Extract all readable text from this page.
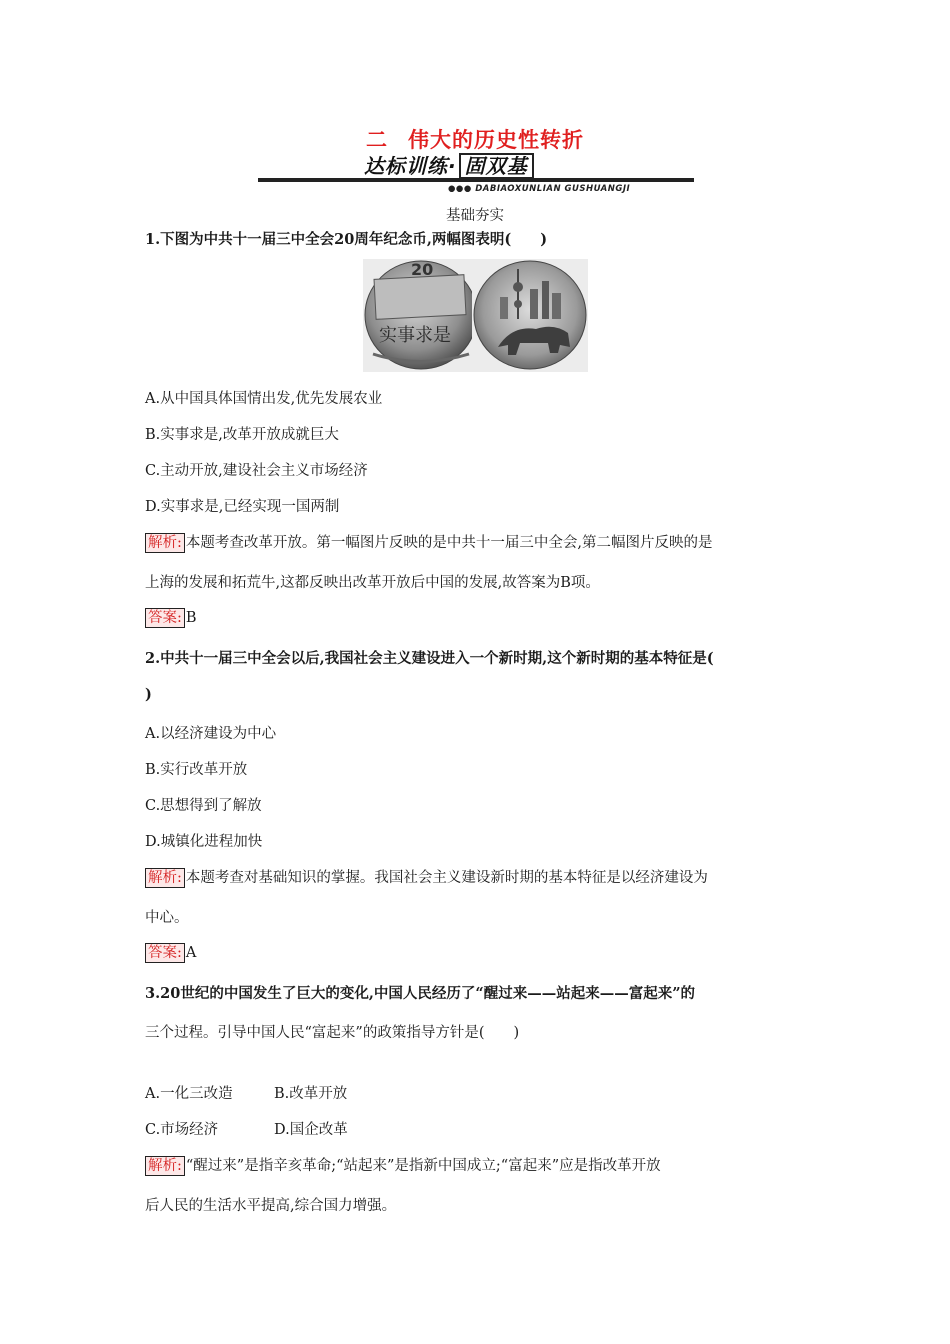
二 伟大的历史性转折
达标训练· 固双基
●●● DABIAOXUNLIAN GUSHUANGJI
基础夯实
1.下图为中共十一届三中全会20周年纪念币,两幅图表明(　　)
20
实事求是
A.从中国具体国情出发,优先发展农业
B.实事求是,改革开放成就巨大
C.主动开放,建设社会主义市场经济
D.实事求是,已经实现一国两制
解析: 本题考查改革开放。第一幅图片反映的是中共十一届三中全会,第二幅图片反映的是
上海的发展和拓荒牛,这都反映出改革开放后中国的发展,故答案为B项。
答案: B
2.中共十一届三中全会以后,我国社会主义建设进入一个新时期,这个新时期的基本特征是(
)
A.以经济建设为中心
B.实行改革开放
C.思想得到了解放
D.城镇化进程加快
解析: 本题考查对基础知识的掌握。我国社会主义建设新时期的基本特征是以经济建设为
中心。
答案: A
3.20世纪的中国发生了巨大的变化,中国人民经历了“醒过来——站起来——富起来”的
三个过程。引导中国人民“富起来”的政策指导方针是(　　)
A.一化三改造	B.改革开放
C.市场经济	D.国企改革
解析: “醒过来”是指辛亥革命;“站起来”是指新中国成立;“富起来”应是指改革开放
后人民的生活水平提高,综合国力增强。
